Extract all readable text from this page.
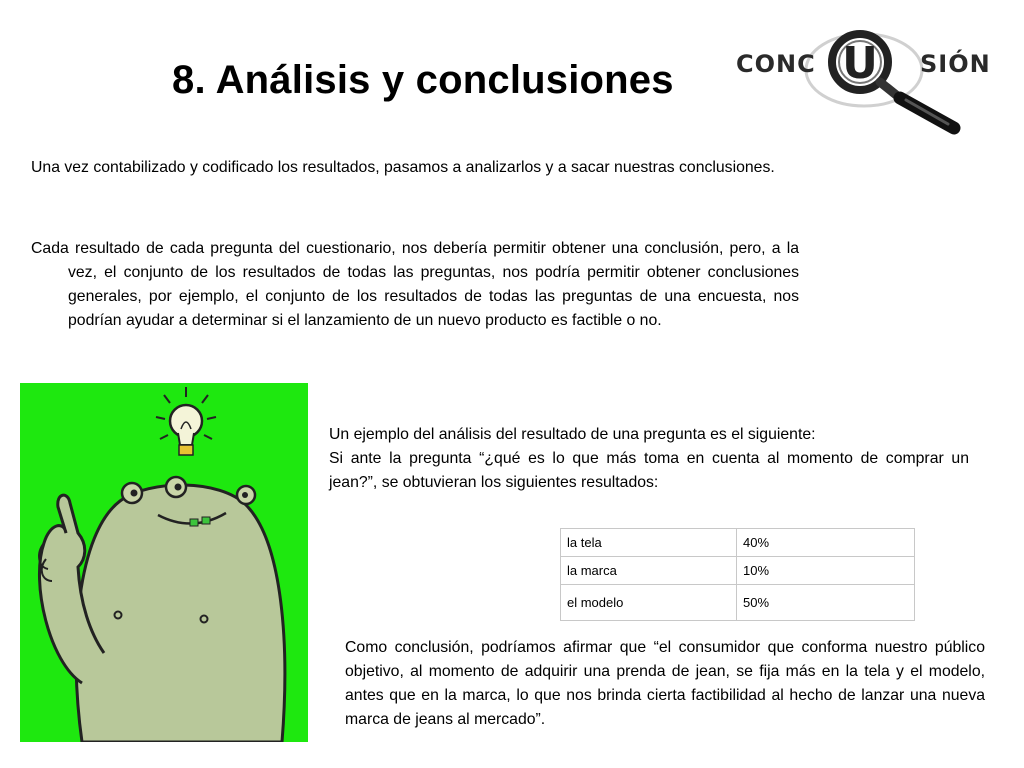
8. Análisis y conclusiones	U
CONC	SIÓN

Una vez contabilizado y codificado los resultados, pasamos a analizarlos y a sacar nuestras conclusiones.

Cada resultado de cada pregunta del cuestionario, nos debería permitir obtener una conclusión, pero, a la vez, el conjunto de los resultados de todas las preguntas, nos podría permitir obtener conclusiones generales, por ejemplo, el conjunto de los resultados de todas las preguntas de una encuesta, nos podrían ayudar a determinar si el lanzamiento de un nuevo producto es factible o no.

Un ejemplo del análisis del resultado de una pregunta es el siguiente:

Si ante la pregunta “¿qué es lo que más toma en cuenta al momento de comprar un jean?”, se obtuvieran los siguientes resultados:

la tela	40%
la marca	10%
el modelo	50%

Como conclusión, podríamos afirmar que “el consumidor que conforma nuestro público objetivo, al momento de adquirir una prenda de jean, se fija más en la tela y el modelo, antes que en la marca, lo que nos brinda cierta factibilidad al hecho de lanzar una nueva marca de jeans al mercado”.
